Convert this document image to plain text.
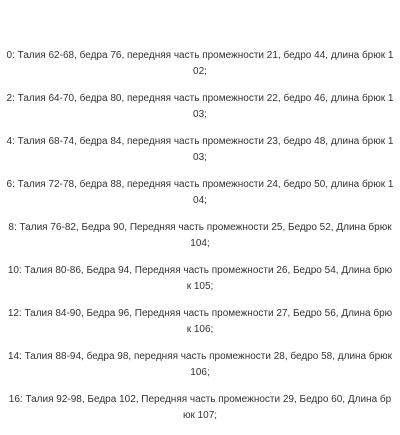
0: Талия 62-68, бедра 76, передняя часть промежности 21, бедро 44, длина брюк 102;
2: Талия 64-70, бедра 80, передняя часть промежности 22, бедро 46, длина брюк 103;
4: Талия 68-74, бедра 84, передняя часть промежности 23, бедро 48, длина брюк 103;
6: Талия 72-78, бедра 88, передняя часть промежности 24, бедро 50, длина брюк 104;
8: Талия 76-82, Бедра 90, Передняя часть промежности 25, Бедро 52, Длина брюк 104;
10: Талия 80-86, Бедра 94, Передняя часть промежности 26, Бедро 54, Длина брюк 105;
12: Талия 84-90, Бедра 96, Передняя часть промежности 27, Бедро 56, Длина брюк 106;
14: Талия 88-94, бедра 98, передняя часть промежности 28, бедро 58, длина брюк 106;
16: Талия 92-98, Бедра 102, Передняя часть промежности 29, Бедро 60, Длина брюк 107;
